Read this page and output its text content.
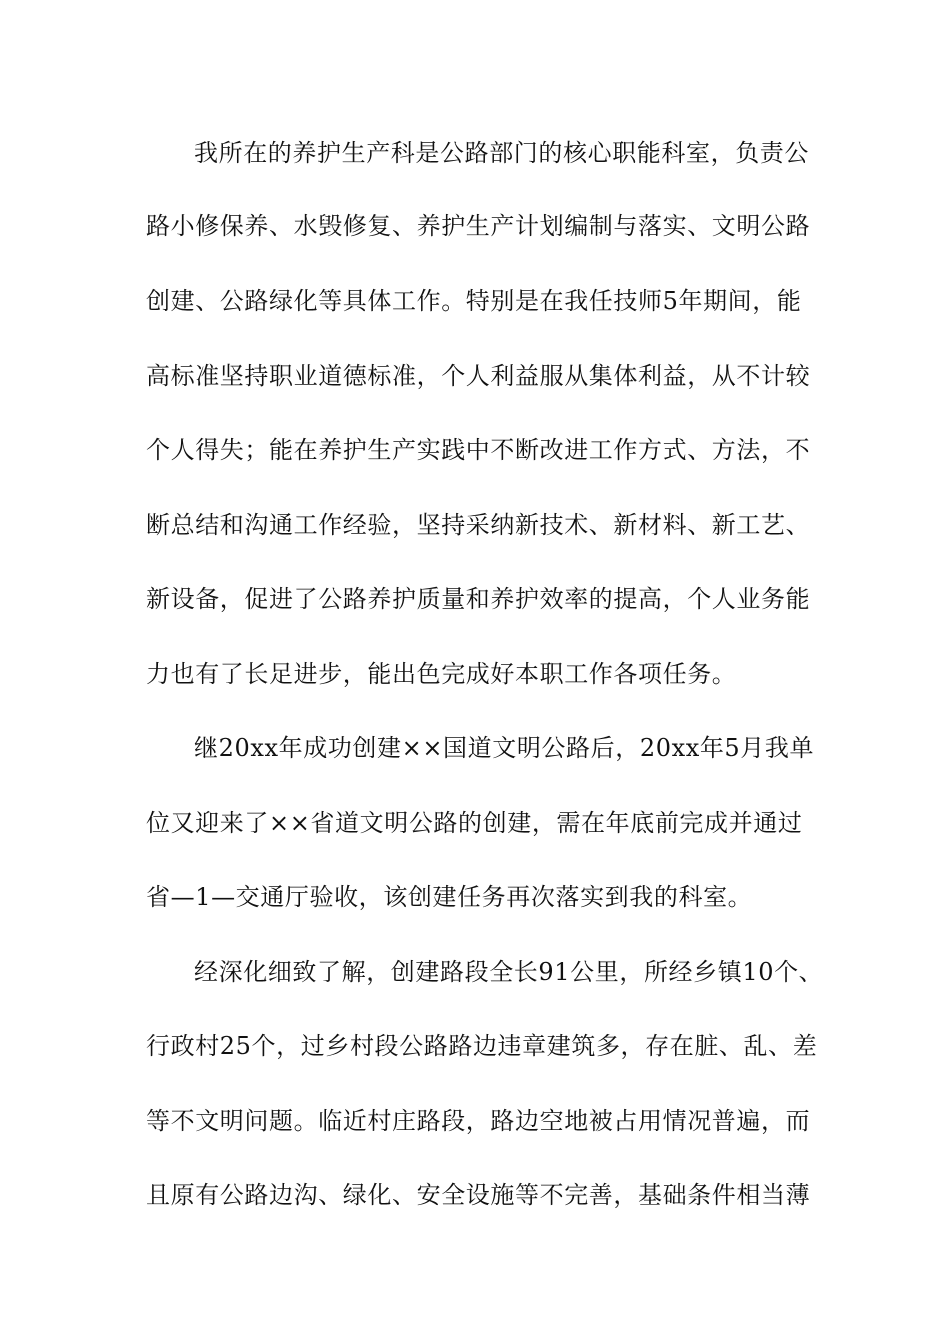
我所在的养护生产科是公路部门的核心职能科室，负责公
路小修保养、水毁修复、养护生产计划编制与落实、文明公路
创建、公路绿化等具体工作。特别是在我任技师5年期间，能
高标准坚持职业道德标准，个人利益服从集体利益，从不计较
个人得失；能在养护生产实践中不断改进工作方式、方法，不
断总结和沟通工作经验，坚持采纳新技术、新材料、新工艺、
新设备，促进了公路养护质量和养护效率的提高，个人业务能
力也有了长足进步，能出色完成好本职工作各项任务。
继20xx年成功创建××国道文明公路后，20xx年5月我单
位又迎来了××省道文明公路的创建，需在年底前完成并通过
省—1—交通厅验收，该创建任务再次落实到我的科室。
经深化细致了解，创建路段全长91公里，所经乡镇10个、
行政村25个，过乡村段公路路边违章建筑多，存在脏、乱、差
等不文明问题。临近村庄路段，路边空地被占用情况普遍，而
且原有公路边沟、绿化、安全设施等不完善，基础条件相当薄
